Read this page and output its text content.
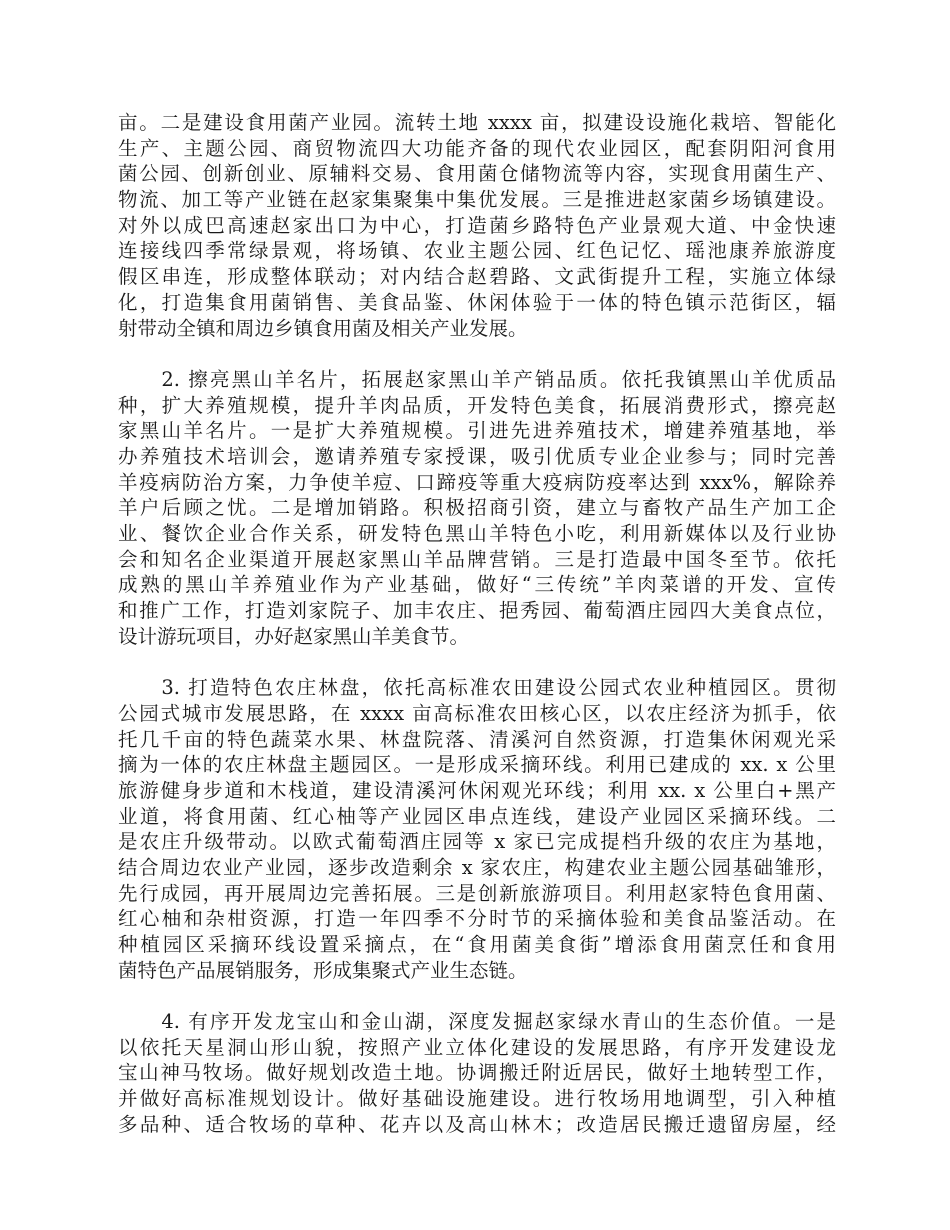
亩。二是建设食用菌产业园。流转土地 xxxx 亩，拟建设设施化栽培、智能化
生产、主题公园、商贸物流四大功能齐备的现代农业园区，配套阴阳河食用
菌公园、创新创业、原辅料交易、食用菌仓储物流等内容，实现食用菌生产、
物流、加工等产业链在赵家集聚集中集优发展。三是推进赵家菌乡场镇建设。
对外以成巴高速赵家出口为中心，打造菌乡路特色产业景观大道、中金快速
连接线四季常绿景观，将场镇、农业主题公园、红色记忆、瑶池康养旅游度
假区串连，形成整体联动；对内结合赵碧路、文武街提升工程，实施立体绿
化，打造集食用菌销售、美食品鉴、休闲体验于一体的特色镇示范街区，辐
射带动全镇和周边乡镇食用菌及相关产业发展。
　　2. 擦亮黑山羊名片，拓展赵家黑山羊产销品质。依托我镇黑山羊优质品
种，扩大养殖规模，提升羊肉品质，开发特色美食，拓展消费形式，擦亮赵
家黑山羊名片。一是扩大养殖规模。引进先进养殖技术，增建养殖基地，举
办养殖技术培训会，邀请养殖专家授课，吸引优质专业企业参与；同时完善
羊疫病防治方案，力争使羊痘、口蹄疫等重大疫病防疫率达到 xxx%，解除养
羊户后顾之忧。二是增加销路。积极招商引资，建立与畜牧产品生产加工企
业、餐饮企业合作关系，研发特色黑山羊特色小吃，利用新媒体以及行业协
会和知名企业渠道开展赵家黑山羊品牌营销。三是打造最中国冬至节。依托
成熟的黑山羊养殖业作为产业基础，做好“三传统”羊肉菜谱的开发、宣传
和推广工作，打造刘家院子、加丰农庄、挹秀园、葡萄酒庄园四大美食点位，
设计游玩项目，办好赵家黑山羊美食节。
　　3. 打造特色农庄林盘，依托高标准农田建设公园式农业种植园区。贯彻
公园式城市发展思路，在 xxxx 亩高标准农田核心区，以农庄经济为抓手，依
托几千亩的特色蔬菜水果、林盘院落、清溪河自然资源，打造集休闲观光采
摘为一体的农庄林盘主题园区。一是形成采摘环线。利用已建成的 xx. x 公里
旅游健身步道和木栈道，建设清溪河休闲观光环线；利用 xx. x 公里白+黑产
业道，将食用菌、红心柚等产业园区串点连线，建设产业园区采摘环线。二
是农庄升级带动。以欧式葡萄酒庄园等 x 家已完成提档升级的农庄为基地，
结合周边农业产业园，逐步改造剩余 x 家农庄，构建农业主题公园基础雏形，
先行成园，再开展周边完善拓展。三是创新旅游项目。利用赵家特色食用菌、
红心柚和杂柑资源，打造一年四季不分时节的采摘体验和美食品鉴活动。在
种植园区采摘环线设置采摘点，在“食用菌美食街”增添食用菌烹任和食用
菌特色产品展销服务，形成集聚式产业生态链。
　　4. 有序开发龙宝山和金山湖，深度发掘赵家绿水青山的生态价值。一是
以依托天星洞山形山貌，按照产业立体化建设的发展思路，有序开发建设龙
宝山神马牧场。做好规划改造土地。协调搬迁附近居民，做好土地转型工作，
并做好高标准规划设计。做好基础设施建设。进行牧场用地调型，引入种植
多品种、适合牧场的草种、花卉以及高山林木；改造居民搬迁遗留房屋，经
